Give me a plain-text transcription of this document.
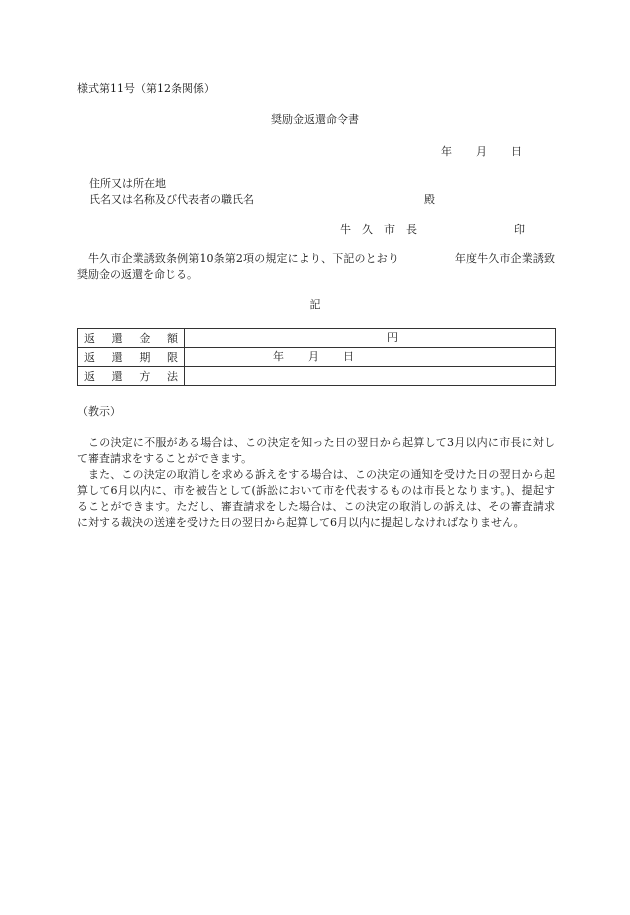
様式第11号（第12条関係）
奨励金返還命令書
年 月 日
住所又は所在地
氏名又は名称及び代表者の職氏名	殿
牛　久　市　長	印
牛久市企業誘致条例第10条第2項の規定により、下記のとおり　　　　　年度牛久市企業誘致奨励金の返還を命じる。
記
返還金額	円

返還期限	年 月 日

返還方法	
（教示）

この決定に不服がある場合は、この決定を知った日の翌日から起算して3月以内に市長に対して審査請求をすることができます。

また、この決定の取消しを求める訴えをする場合は、この決定の通知を受けた日の翌日から起算して6月以内に、市を被告として(訴訟において市を代表するものは市長となります。)、提起することができます。ただし、審査請求をした場合は、この決定の取消しの訴えは、その審査請求に対する裁決の送達を受けた日の翌日から起算して6月以内に提起しなければなりません。
